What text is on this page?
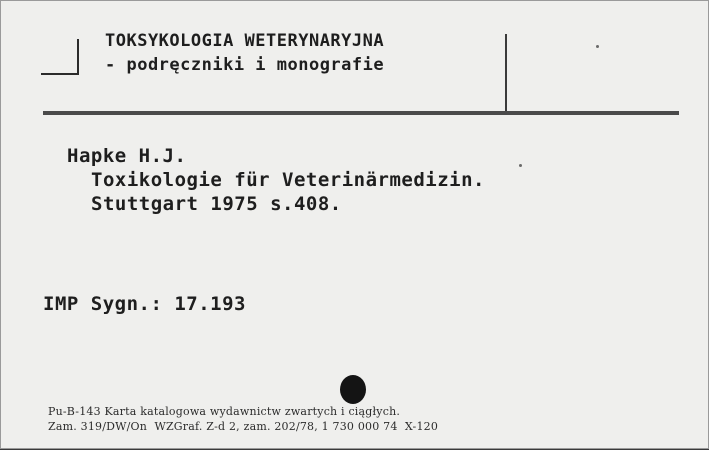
TOKSYKOLOGIA WETERYNARYJNA
- podręczniki i monografie
Hapke H.J.
Toxikologie für Veterinärmedizin.
Stuttgart 1975 s.408.
IMP Sygn.: 17.193
Pu-B-143 Karta katalogowa wydawnictw zwartych i ciągłych.
Zam. 319/DW/On  WZGraf. Z-d 2, zam. 202/78, 1 730 000 74  X-120
